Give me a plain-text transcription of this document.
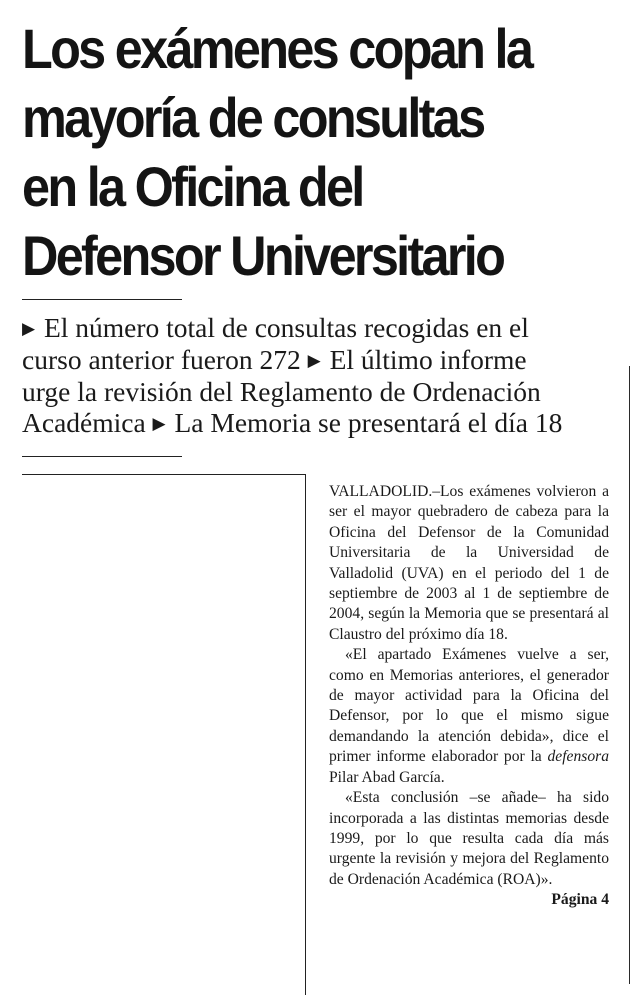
Los exámenes copan la
mayoría de consultas
en la Oficina del
Defensor Universitario
▶ El número total de consultas recogidas en el
curso anterior fueron 272 ▶ El último informe
urge la revisión del Reglamento de Ordenación
Académica ▶ La Memoria se presentará el día 18

VALLADOLID.–Los exámenes volvieron a ser el mayor quebradero de cabeza para la Oficina del Defensor de la Comunidad Universitaria de la Universidad de Valladolid (UVA) en el periodo del 1 de septiembre de 2003 al 1 de septiembre de 2004, según la Memoria que se presentará al Claustro del próximo día 18.

«El apartado Exámenes vuelve a ser, como en Memorias anteriores, el generador de mayor actividad para la Oficina del Defensor, por lo que el mismo sigue demandando la atención debida», dice el primer informe elaborador por la defensora Pilar Abad García.

«Esta conclusión –se añade– ha sido incorporada a las distintas memorias desde 1999, por lo que resulta cada día más urgente la revisión y mejora del Reglamento de Ordenación Académica (ROA)».
Página 4
